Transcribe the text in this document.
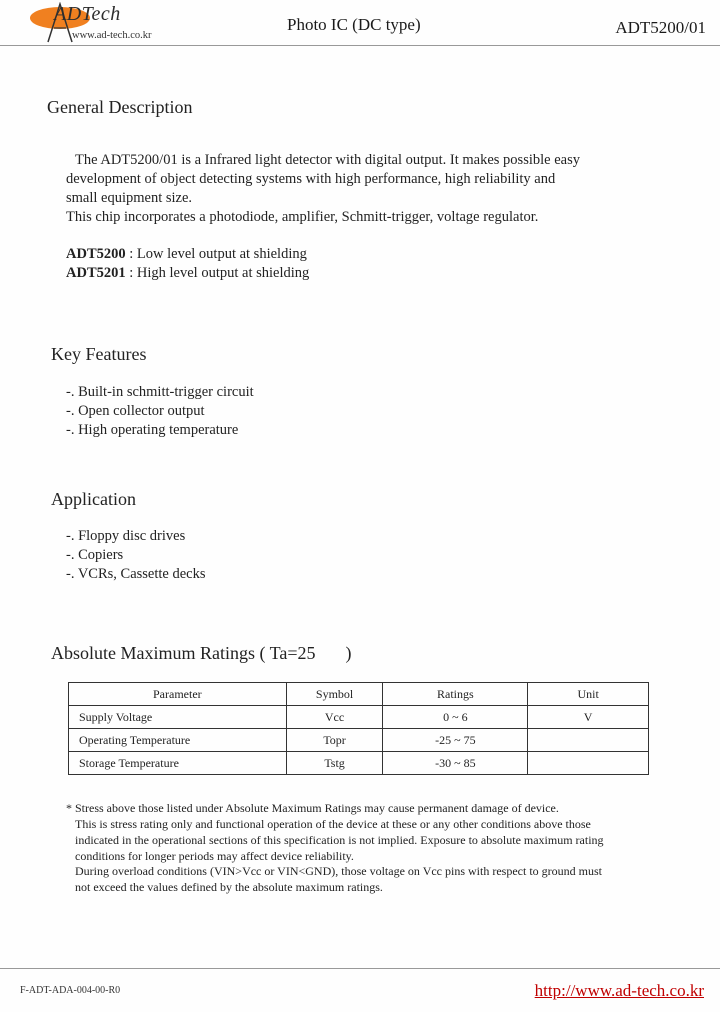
ADTech
www.ad-tech.co.kr
Photo IC (DC type)	ADT5200/01
General Description
The ADT5200/01 is a Infrared light detector with digital output. It makes possible easy
development of object detecting systems with high performance, high reliability and
small equipment size.
This chip incorporates a photodiode, amplifier, Schmitt-trigger, voltage regulator.
ADT5200 : Low level output at shielding
ADT5201 : High level output at shielding
Key Features
-. Built-in schmitt-trigger circuit
-. Open collector output
-. High operating temperature
Application
-. Floppy disc drives
-. Copiers
-. VCRs, Cassette decks
Absolute Maximum Ratings ( Ta=25 )
Parameter	Symbol	Ratings	Unit
Supply Voltage	Vcc	0 ~ 6	V
Operating Temperature	Topr	-25 ~ 75	
Storage Temperature	Tstg	-30 ~ 85	
* Stress above those listed under Absolute Maximum Ratings may cause permanent damage of device.
This is stress rating only and functional operation of the device at these or any other conditions above those
indicated in the operational sections of this specification is not implied. Exposure to absolute maximum rating
conditions for longer periods may affect device reliability.
During overload conditions (VIN>Vcc or VIN<GND), those voltage on Vcc pins with respect to ground must
not exceed the values defined by the absolute maximum ratings.
F-ADT-ADA-004-00-R0	http://www.ad-tech.co.kr
